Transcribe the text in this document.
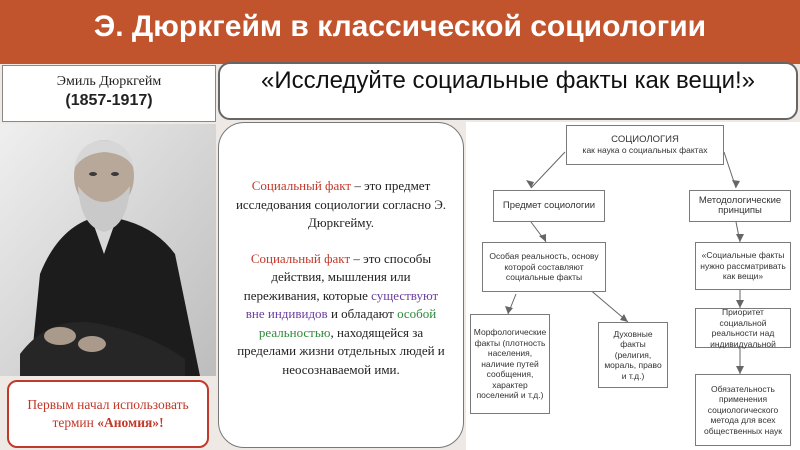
Э. Дюркгейм в классической социологии
Эмиль Дюркгейм
(1857-1917)
«Исследуйте социальные факты как вещи!»
Первым начал использовать термин «Аномия»!

Социальный факт – это предмет исследования социологии согласно Э. Дюркгейму.

Социальный факт – это способы действия, мышления или переживания, которые существуют вне индивидов и обладают особой реальностью, находящейся за пределами жизни отдельных людей и неосознаваемой ими.

СОЦИОЛОГИЯ
как наука о социальных фактах
Предмет социологии	Методологические принципы
Особая реальность, основу которой составляют социальные факты
«Социальные факты нужно рассматривать как вещи»
Морфологические факты (плотность населения, наличие путей сообщения, характер поселений и т.д.)
Духовные факты (религия, мораль, право и т.д.)
Приоритет социальной реальности над индивидуальной
Обязательность применения социологического метода для всех общественных наук
